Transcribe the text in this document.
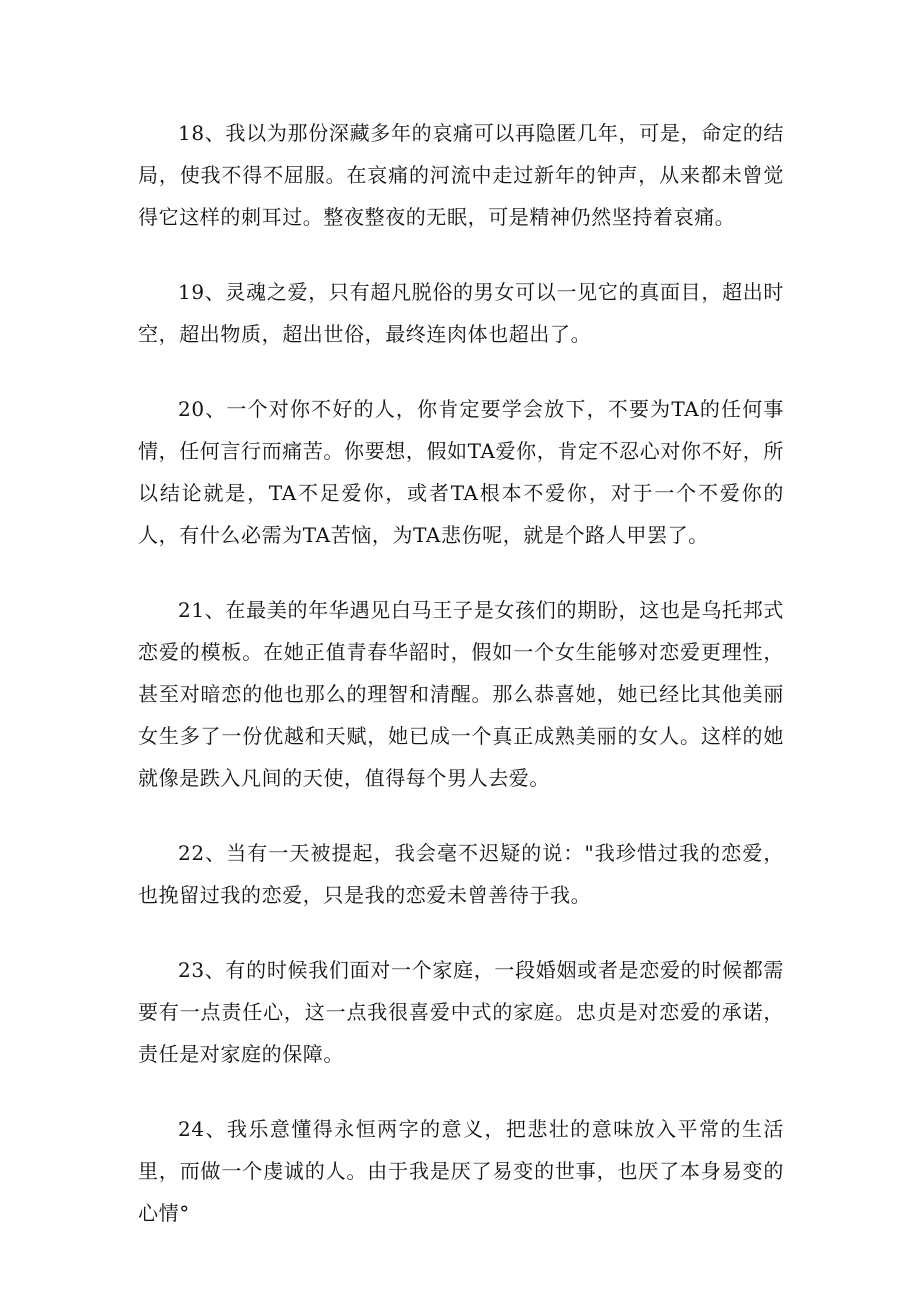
18、我以为那份深藏多年的哀痛可以再隐匿几年，可是，命定的结局，使我不得不屈服。在哀痛的河流中走过新年的钟声，从来都未曾觉得它这样的刺耳过。整夜整夜的无眠，可是精神仍然坚持着哀痛。

19、灵魂之爱，只有超凡脱俗的男女可以一见它的真面目，超出时空，超出物质，超出世俗，最终连肉体也超出了。

20、一个对你不好的人，你肯定要学会放下，不要为TA的任何事情，任何言行而痛苦。你要想，假如TA爱你，肯定不忍心对你不好，所以结论就是，TA不足爱你，或者TA根本不爱你，对于一个不爱你的人，有什么必需为TA苦恼，为TA悲伤呢，就是个路人甲罢了。

21、在最美的年华遇见白马王子是女孩们的期盼，这也是乌托邦式恋爱的模板。在她正值青春华韶时，假如一个女生能够对恋爱更理性，甚至对暗恋的他也那么的理智和清醒。那么恭喜她，她已经比其他美丽女生多了一份优越和天赋，她已成一个真正成熟美丽的女人。这样的她就像是跌入凡间的天使，值得每个男人去爱。

22、当有一天被提起，我会毫不迟疑的说："我珍惜过我的恋爱，也挽留过我的恋爱，只是我的恋爱未曾善待于我。

23、有的时候我们面对一个家庭，一段婚姻或者是恋爱的时候都需要有一点责任心，这一点我很喜爱中式的家庭。忠贞是对恋爱的承诺，责任是对家庭的保障。

24、我乐意懂得永恒两字的意义，把悲壮的意味放入平常的生活里，而做一个虔诚的人。由于我是厌了易变的世事，也厌了本身易变的心情°
